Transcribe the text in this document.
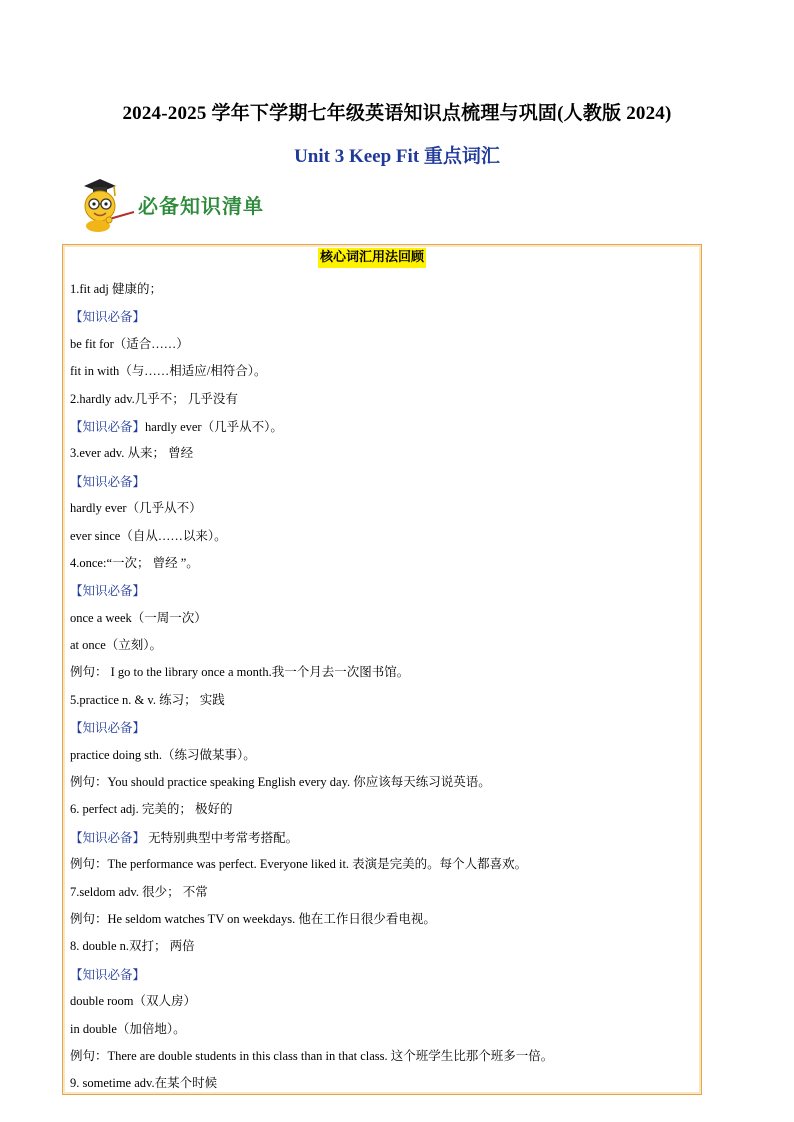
2024-2025 学年下学期七年级英语知识点梳理与巩固(人教版 2024)
Unit 3 Keep Fit 重点词汇
必备知识清单
核心词汇用法回顾
1.fit adj 健康的；
【知识必备】
be fit for（适合……）
fit in with（与……相适应/相符合）。
2.hardly adv.几乎不； 几乎没有
【知识必备】hardly ever（几乎从不）。
3.ever adv. 从来； 曾经
【知识必备】
hardly ever（几乎从不）
ever since（自从……以来）。
4.once:“一次； 曾经 ”。
【知识必备】
once a week（一周一次）
at once（立刻）。
例句： I go to the library once a month.我一个月去一次图书馆。
5.practice n. & v. 练习； 实践
【知识必备】
practice doing sth.（练习做某事）。
例句：You should practice speaking English every day. 你应该每天练习说英语。
6. perfect adj. 完美的； 极好的
【知识必备】 无特别典型中考常考搭配。
例句：The performance was perfect. Everyone liked it. 表演是完美的。每个人都喜欢。
7.seldom adv. 很少； 不常
例句：He seldom watches TV on weekdays. 他在工作日很少看电视。
8. double n.双打； 两倍
【知识必备】
double room（双人房）
in double（加倍地）。
例句：There are double students in this class than in that class. 这个班学生比那个班多一倍。
9. sometime adv.在某个时候
